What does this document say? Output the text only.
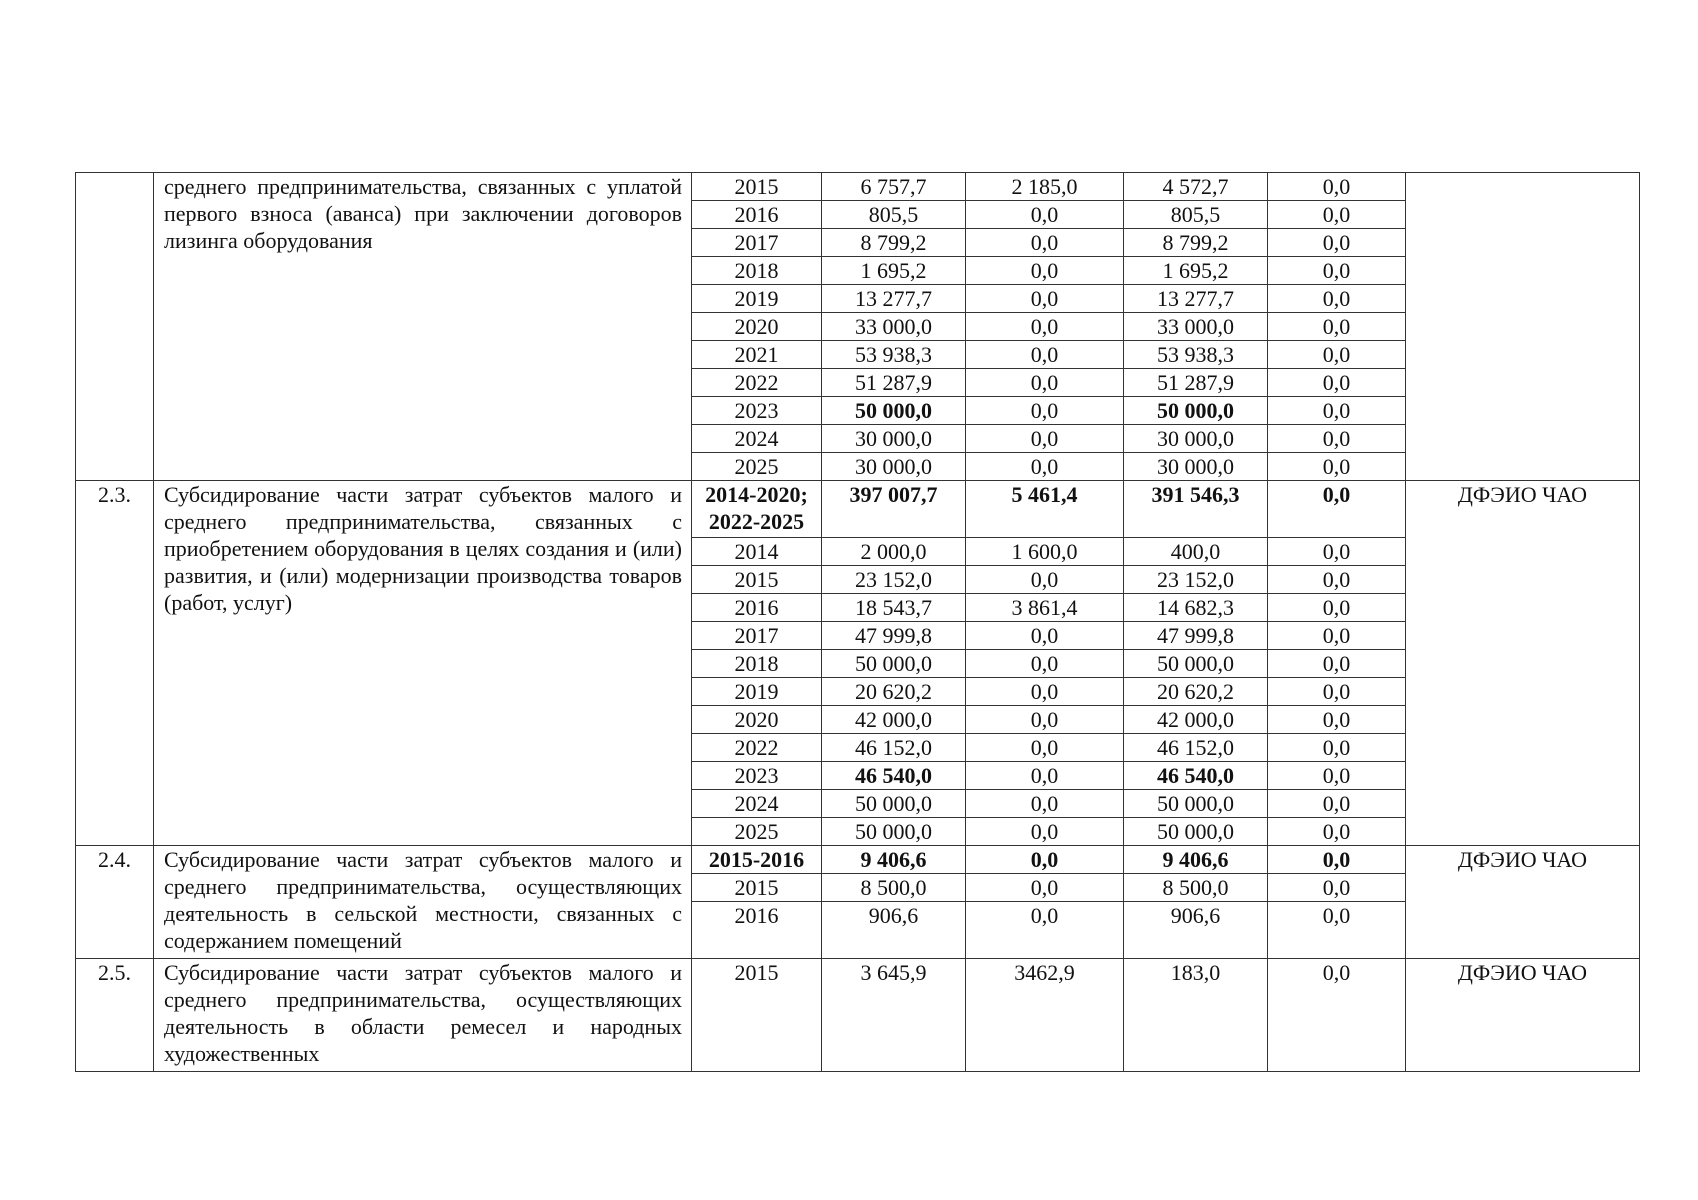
	среднего предпринимательства, связанных с уплатой первого взноса (аванса) при заключении договоров лизинга оборудования	2015	6 757,7	2 185,0	4 572,7	0,0	
		2016	805,5	0,0	805,5	0,0	
		2017	8 799,2	0,0	8 799,2	0,0	
		2018	1 695,2	0,0	1 695,2	0,0	
		2019	13 277,7	0,0	13 277,7	0,0	
		2020	33 000,0	0,0	33 000,0	0,0	
		2021	53 938,3	0,0	53 938,3	0,0	
		2022	51 287,9	0,0	51 287,9	0,0	
		2023	50 000,0	0,0	50 000,0	0,0	
		2024	30 000,0	0,0	30 000,0	0,0	
		2025	30 000,0	0,0	30 000,0	0,0	
2.3.	Субсидирование части затрат субъектов малого и среднего предпринимательства, связанных с приобретением оборудования в целях создания и (или) развития, и (или) модернизации производства товаров (работ, услуг)	2014-2020; 2022-2025	397 007,7	5 461,4	391 546,3	0,0	ДФЭИО ЧАО
		2014	2 000,0	1 600,0	400,0	0,0	
		2015	23 152,0	0,0	23 152,0	0,0	
		2016	18 543,7	3 861,4	14 682,3	0,0	
		2017	47 999,8	0,0	47 999,8	0,0	
		2018	50 000,0	0,0	50 000,0	0,0	
		2019	20 620,2	0,0	20 620,2	0,0	
		2020	42 000,0	0,0	42 000,0	0,0	
		2022	46 152,0	0,0	46 152,0	0,0	
		2023	46 540,0	0,0	46 540,0	0,0	
		2024	50 000,0	0,0	50 000,0	0,0	
		2025	50 000,0	0,0	50 000,0	0,0	
2.4.	Субсидирование части затрат субъектов малого и среднего предпринимательства, осуществляющих деятельность в сельской местности, связанных с содержанием помещений	2015-2016	9 406,6	0,0	9 406,6	0,0	ДФЭИО ЧАО
		2015	8 500,0	0,0	8 500,0	0,0	
		2016	906,6	0,0	906,6	0,0	
2.5.	Субсидирование части затрат субъектов малого и среднего предпринимательства, осуществляющих деятельность в области ремесел и народных художественных	2015	3 645,9	3462,9	183,0	0,0	ДФЭИО ЧАО
